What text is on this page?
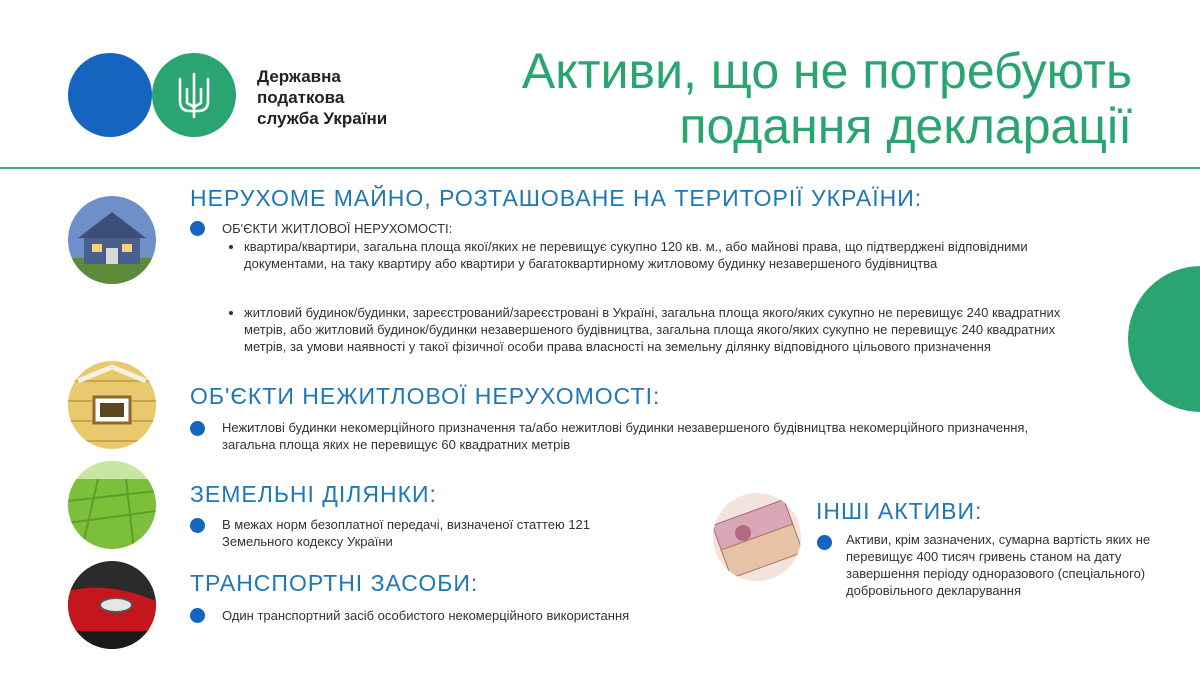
Державна
податкова
служба України
Активи, що не потребують
подання декларації
НЕРУХОМЕ МАЙНО, РОЗТАШОВАНЕ НА ТЕРИТОРІЇ УКРАЇНИ:
ОБ'ЄКТИ ЖИТЛОВОЇ НЕРУХОМОСТІ:
• квартира/квартири, загальна площа якої/яких не перевищує сукупно 120 кв. м., або майнові права, що підтверджені відповідними документами, на таку квартиру або квартири у багатоквартирному житловому будинку незавершеного будівництва
• житловий будинок/будинки, зареєстрований/зареєстровані в Україні, загальна площа якого/яких сукупно не перевищує 240 квадратних метрів, або житловий будинок/будинки незавершеного будівництва, загальна площа якого/яких сукупно не перевищує 240 квадратних метрів, за умови наявності у такої фізичної особи права власності на земельну ділянку відповідного цільового призначення
ОБ'ЄКТИ НЕЖИТЛОВОЇ НЕРУХОМОСТІ:
Нежитлові будинки некомерційного призначення та/або нежитлові будинки незавершеного будівництва некомерційного призначення, загальна площа яких не перевищує 60 квадратних метрів
ЗЕМЕЛЬНІ ДІЛЯНКИ:
В межах норм безоплатної передачі, визначеної статтею 121 Земельного кодексу України
ТРАНСПОРТНІ ЗАСОБИ:
Один транспортний засіб особистого некомерційного використання
ІНШІ АКТИВИ:
Активи, крім зазначених, сумарна вартість яких не перевищує 400 тисяч гривень станом на дату завершення періоду одноразового (спеціального) добровільного декларування
